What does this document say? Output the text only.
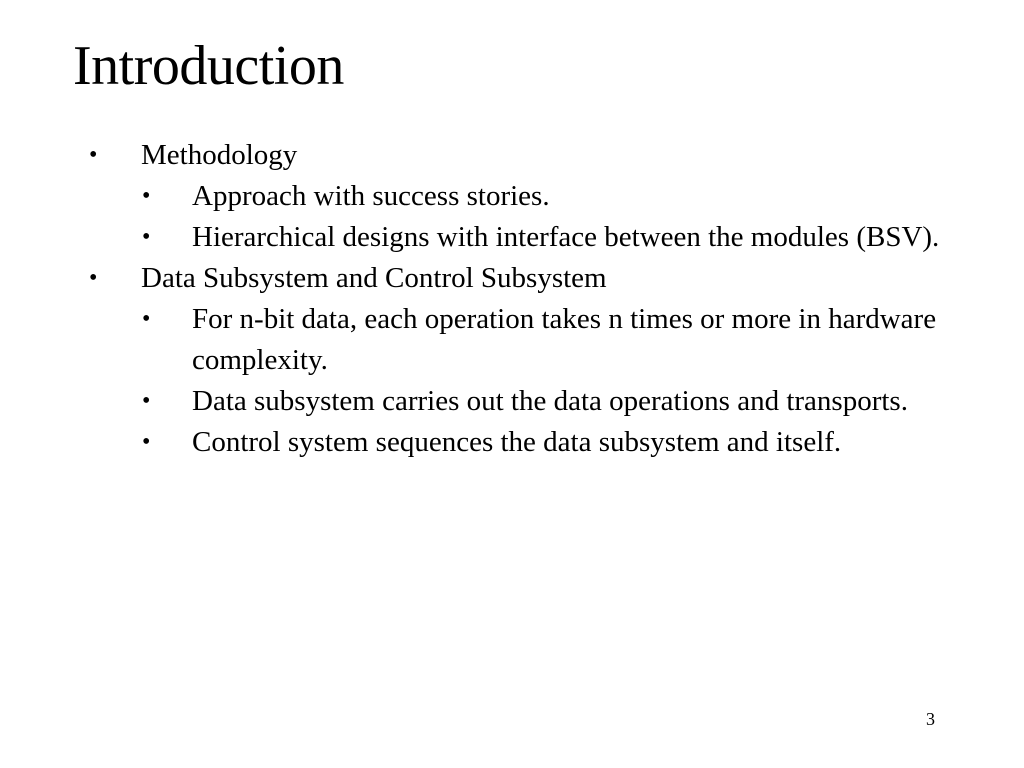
Introduction
• Methodology
• Approach with success stories.
• Hierarchical designs with interface between the modules (BSV).
• Data Subsystem and Control Subsystem
• For n-bit data, each operation takes n times or more in hardware complexity.
• Data subsystem carries out the data operations and transports.
• Control system sequences the data subsystem and itself.
3
